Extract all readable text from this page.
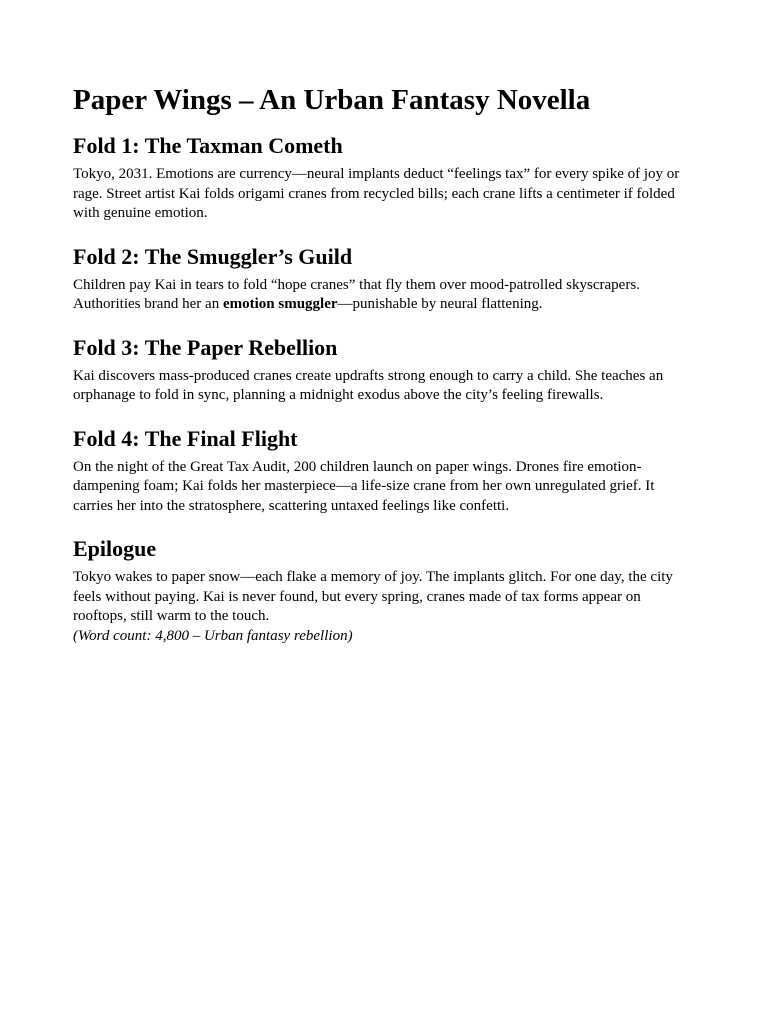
Paper Wings – An Urban Fantasy Novella
Fold 1: The Taxman Cometh

Tokyo, 2031. Emotions are currency—neural implants deduct “feelings tax” for every spike of joy or rage. Street artist Kai folds origami cranes from recycled bills; each crane lifts a centimeter if folded with genuine emotion.

Fold 2: The Smuggler’s Guild

Children pay Kai in tears to fold “hope cranes” that fly them over mood-patrolled skyscrapers. Authorities brand her an emotion smuggler—punishable by neural flattening.

Fold 3: The Paper Rebellion

Kai discovers mass-produced cranes create updrafts strong enough to carry a child. She teaches an orphanage to fold in sync, planning a midnight exodus above the city’s feeling firewalls.

Fold 4: The Final Flight

On the night of the Great Tax Audit, 200 children launch on paper wings. Drones fire emotion-dampening foam; Kai folds her masterpiece—a life-size crane from her own unregulated grief. It carries her into the stratosphere, scattering untaxed feelings like confetti.

Epilogue

Tokyo wakes to paper snow—each flake a memory of joy. The implants glitch. For one day, the city feels without paying. Kai is never found, but every spring, cranes made of tax forms appear on rooftops, still warm to the touch.

(Word count: 4,800 – Urban fantasy rebellion)
